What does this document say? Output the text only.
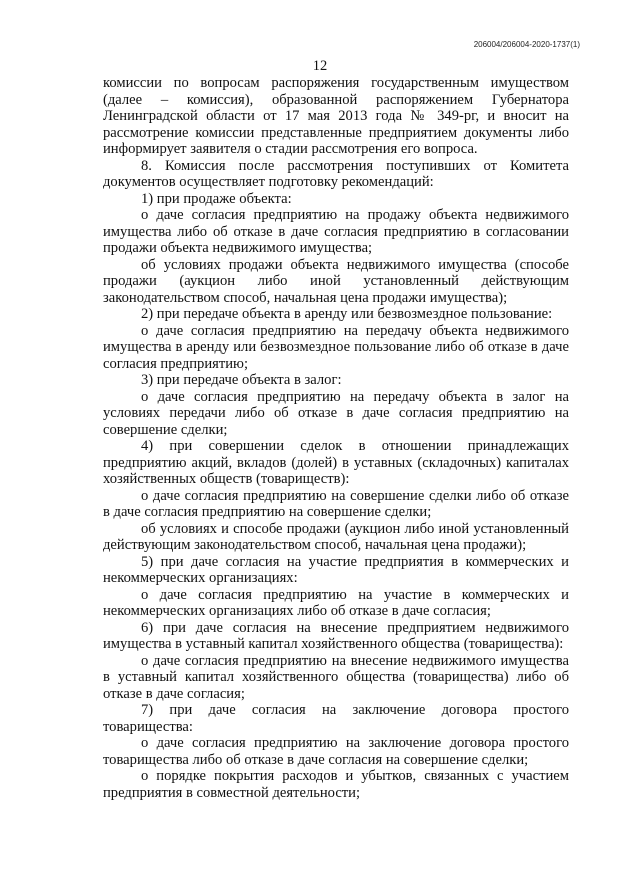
206004/206004-2020-1737(1)
12

комиссии по вопросам распоряжения государственным имуществом (далее – комиссия), образованной распоряжением Губернатора Ленинградской области от 17 мая 2013 года № 349-рг, и вносит на рассмотрение комиссии представленные предприятием документы либо информирует заявителя о стадии рассмотрения его вопроса.

8. Комиссия после рассмотрения поступивших от Комитета документов осуществляет подготовку рекомендаций:

1) при продаже объекта:

о даче согласия предприятию на продажу объекта недвижимого имущества либо об отказе в даче согласия предприятию в согласовании продажи объекта недвижимого имущества;

об условиях продажи объекта недвижимого имущества (способе продажи (аукцион либо иной установленный действующим законодательством способ, начальная цена продажи имущества);

2) при передаче объекта в аренду или безвозмездное пользование:

о даче согласия предприятию на передачу объекта недвижимого имущества в аренду или безвозмездное пользование либо об отказе в даче согласия предприятию;

3) при передаче объекта в залог:

о даче согласия предприятию на передачу объекта в залог на условиях передачи либо об отказе в даче согласия предприятию на совершение сделки;

4) при совершении сделок в отношении принадлежащих предприятию акций, вкладов (долей) в уставных (складочных) капиталах хозяйственных обществ (товариществ):

о даче согласия предприятию на совершение сделки либо об отказе в даче согласия предприятию на совершение сделки;

об условиях и способе продажи (аукцион либо иной установленный действующим законодательством способ, начальная цена продажи);

5) при даче согласия на участие предприятия в коммерческих и некоммерческих организациях:

о даче согласия предприятию на участие в коммерческих и некоммерческих организациях либо об отказе в даче согласия;

6) при даче согласия на внесение предприятием недвижимого имущества в уставный капитал хозяйственного общества (товарищества):

о даче согласия предприятию на внесение недвижимого имущества в уставный капитал хозяйственного общества (товарищества) либо об отказе в даче согласия;

7) при даче согласия на заключение договора простого товарищества:

о даче согласия предприятию на заключение договора простого товарищества либо об отказе в даче согласия на совершение сделки;

о порядке покрытия расходов и убытков, связанных с участием предприятия в совместной деятельности;
